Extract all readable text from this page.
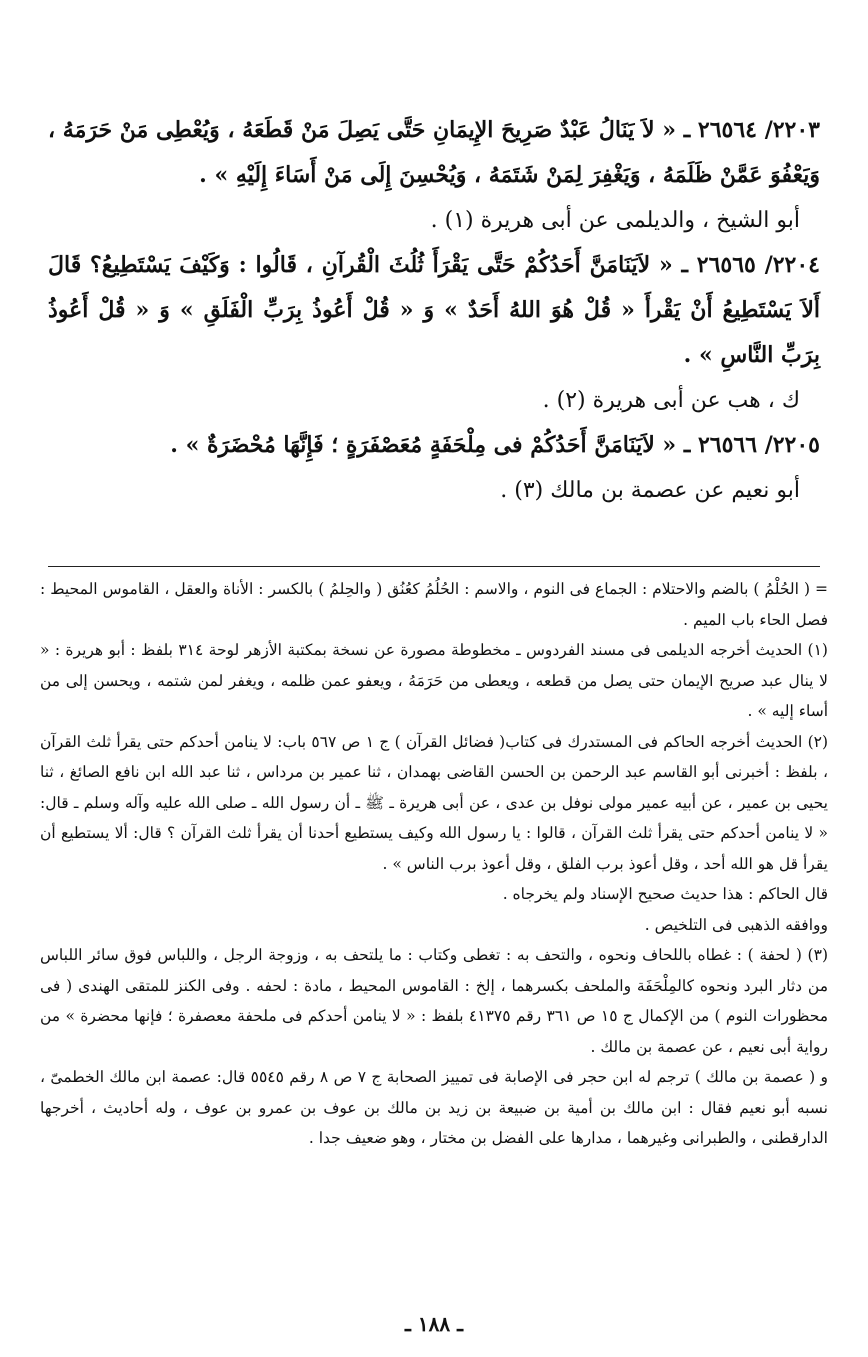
٢٢٠٣/ ٢٦٥٦٤ ـ « لاَ يَنَالُ عَبْدٌ صَرِيحَ الإِيمَانِ حَتَّى يَصِلَ مَنْ قَطَعَهُ ، وَيُعْطِى مَنْ حَرَمَهُ ، وَيَعْفُوَ عَمَّنْ ظَلَمَهُ ، وَيَغْفِرَ لِمَنْ شَتَمَهُ ، وَيُحْسِنَ إِلَى مَنْ أَسَاءَ إِلَيْهِ » .
أبو الشيخ ، والديلمى عن أبى هريرة (١) .
٢٢٠٤/ ٢٦٥٦٥ ـ « لاَيَنَامَنَّ أَحَدُكُمْ حَتَّى يَقْرَأَ ثُلُثَ الْقُرآنِ ، قَالُوا : وَكَيْفَ يَسْتَطِيعُ؟ قَالَ أَلاَ يَسْتَطِيعُ أَنْ يَقْرأَ « قُلْ هُوَ اللهُ أَحَدٌ » وَ « قُلْ أَعُوذُ بِرَبِّ الْفَلَقِ » وَ « قُلْ أَعُوذُ بِرَبِّ النَّاسِ » .
ك ، هب عن أبى هريرة (٢) .
٢٢٠٥/ ٢٦٥٦٦ ـ « لاَيَنَامَنَّ أَحَدُكُمْ فى مِلْحَفَةٍ مُعَصْفَرَةٍ ؛ فَإِنَّهَا مُحْضَرَةٌ » .
أبو نعيم عن عصمة بن مالك (٣) .

= ( الحُلْمُ ) بالضم والاحتلام : الجماع فى النوم ، والاسم : الحُلُمُ كعُنُق ( والحِلمُ ) بالكسر : الأناة والعقل ، القاموس المحيط : فصل الحاء باب الميم .

(١) الحديث أخرجه الديلمى فى مسند الفردوس ـ مخطوطة مصورة عن نسخة بمكتبة الأزهر لوحة ٣١٤ بلفظ : أبو هريرة : « لا ينال عبد صريح الإيمان حتى يصل من قطعه ، ويعطى من حَرَمَهُ ، ويعفو عمن ظلمه ، ويغفر لمن شتمه ، ويحسن إلى من أساء إليه » .

(٢) الحديث أخرجه الحاكم فى المستدرك فى كتاب( فضائل القرآن ) ج ١ ص ٥٦٧ باب: لا ينامن أحدكم حتى يقرأ ثلث القرآن ، بلفظ : أخبرنى أبو القاسم عبد الرحمن بن الحسن القاضى بهمدان ، ثنا عمير بن مرداس ، ثنا عبد الله ابن نافع الصائغ ، ثنا يحيى بن عمير ، عن أبيه عمير مولى نوفل بن عدى ، عن أبى هريرة ـ ﷺ ـ أن رسول الله ـ صلى الله عليه وآله وسلم ـ قال: « لا ينامن أحدكم حتى يقرأ ثلث القرآن ، قالوا : يا رسول الله وكيف يستطيع أحدنا أن يقرأ ثلث القرآن ؟ قال: ألا يستطيع أن يقرأ قل هو الله أحد ، وقل أعوذ برب الفلق ، وقل أعوذ برب الناس » .

قال الحاكم : هذا حديث صحيح الإسناد ولم يخرجاه .

ووافقه الذهبى فى التلخيص .

(٣) ( لحفة ) : غطاه باللحاف ونحوه ، والتحف به : تغطى وكتاب : ما يلتحف به ، وزوجة الرجل ، واللباس فوق سائر اللباس من دثار البرد ونحوه كالمِلْحَفَة والملحف بكسرهما ، إلخ : القاموس المحيط ، مادة : لحفه . وفى الكنز للمتقى الهندى ( فى محظورات النوم ) من الإكمال ج ١٥ ص ٣٦١ رقم ٤١٣٧٥ بلفظ : « لا ينامن أحدكم فى ملحفة معصفرة ؛ فإنها محضرة » من رواية أبى نعيم ، عن عصمة بن مالك .

و ( عصمة بن مالك ) ترجم له ابن حجر فى الإصابة فى تمييز الصحابة ج ٧ ص ٨ رقم ٥٥٤٥ قال: عصمة ابن مالك الخطمىّ ، نسبه أبو نعيم فقال : ابن مالك بن أمية بن ضبيعة بن زيد بن مالك بن عوف بن عمرو بن عوف ، وله أحاديث ، أخرجها الدارقطنى ، والطبرانى وغيرهما ، مدارها على الفضل بن مختار ، وهو ضعيف جدا .

ـ ١٨٨ ـ
